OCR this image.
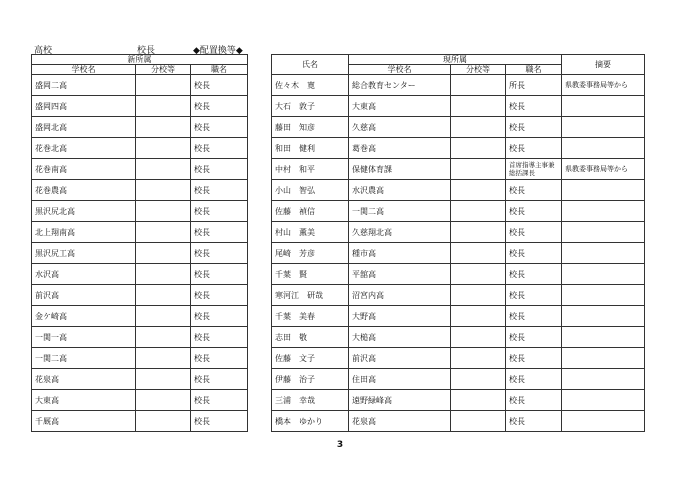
高校	校長	◆配置換等◆
新所属				氏名	現所属			摘要
学校名	分校等	職名			学校名	分校等	職名	
盛岡二高		校長		佐々木　寛	総合教育センター		所長	県教委事務局等から
盛岡四高		校長		大石　敦子	大東高		校長	
盛岡北高		校長		藤田　知彦	久慈高		校長	
花巻北高		校長		和田　健利	葛巻高		校長	
花巻南高		校長		中村　和平	保健体育課		首席指導主事兼総括課長	県教委事務局等から
花巻農高		校長		小山　智弘	水沢農高		校長	
黒沢尻北高		校長		佐藤　禎信	一関二高		校長	
北上翔南高		校長		村山　薫美	久慈翔北高		校長	
黒沢尻工高		校長		尾崎　芳彦	種市高		校長	
水沢高		校長		千葉　賢	平舘高		校長	
前沢高		校長		寒河江　研哉	沼宮内高		校長	
金ケ崎高		校長		千葉　美春	大野高		校長	
一関一高		校長		志田　敬	大槌高		校長	
一関二高		校長		佐藤　文子	前沢高		校長	
花泉高		校長		伊藤　治子	住田高		校長	
大東高		校長		三浦　幸哉	遠野緑峰高		校長	
千厩高		校長		橋本　ゆかり	花泉高		校長	
3
